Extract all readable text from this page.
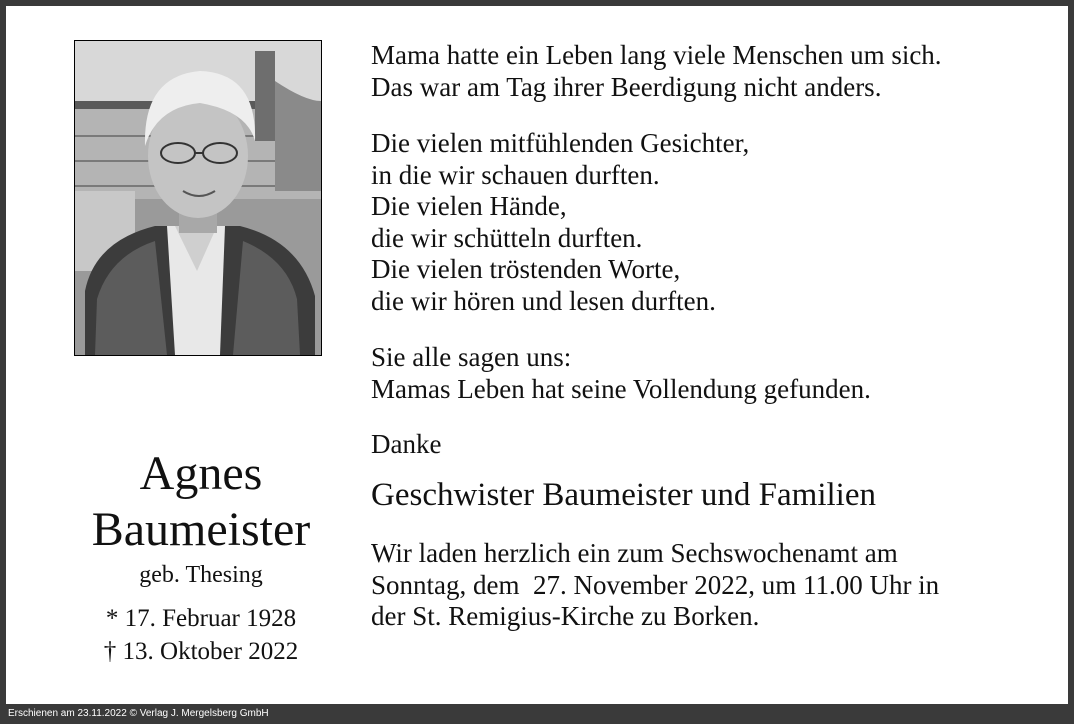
Agnes
Baumeister
geb. Thesing
* 17. Februar 1928
† 13. Oktober 2022
Mama hatte ein Leben lang viele Menschen um sich.
Das war am Tag ihrer Beerdigung nicht anders.
Die vielen mitfühlenden Gesichter,
in die wir schauen durften.
Die vielen Hände,
die wir schütteln durften.
Die vielen tröstenden Worte,
die wir hören und lesen durften.
Sie alle sagen uns:
Mamas Leben hat seine Vollendung gefunden.
Danke
Geschwister Baumeister und Familien
Wir laden herzlich ein zum Sechswochenamt am
Sonntag, dem  27. November 2022, um 11.00 Uhr in
der St. Remigius-Kirche zu Borken.
Erschienen am 23.11.2022 © Verlag J. Mergelsberg GmbH
